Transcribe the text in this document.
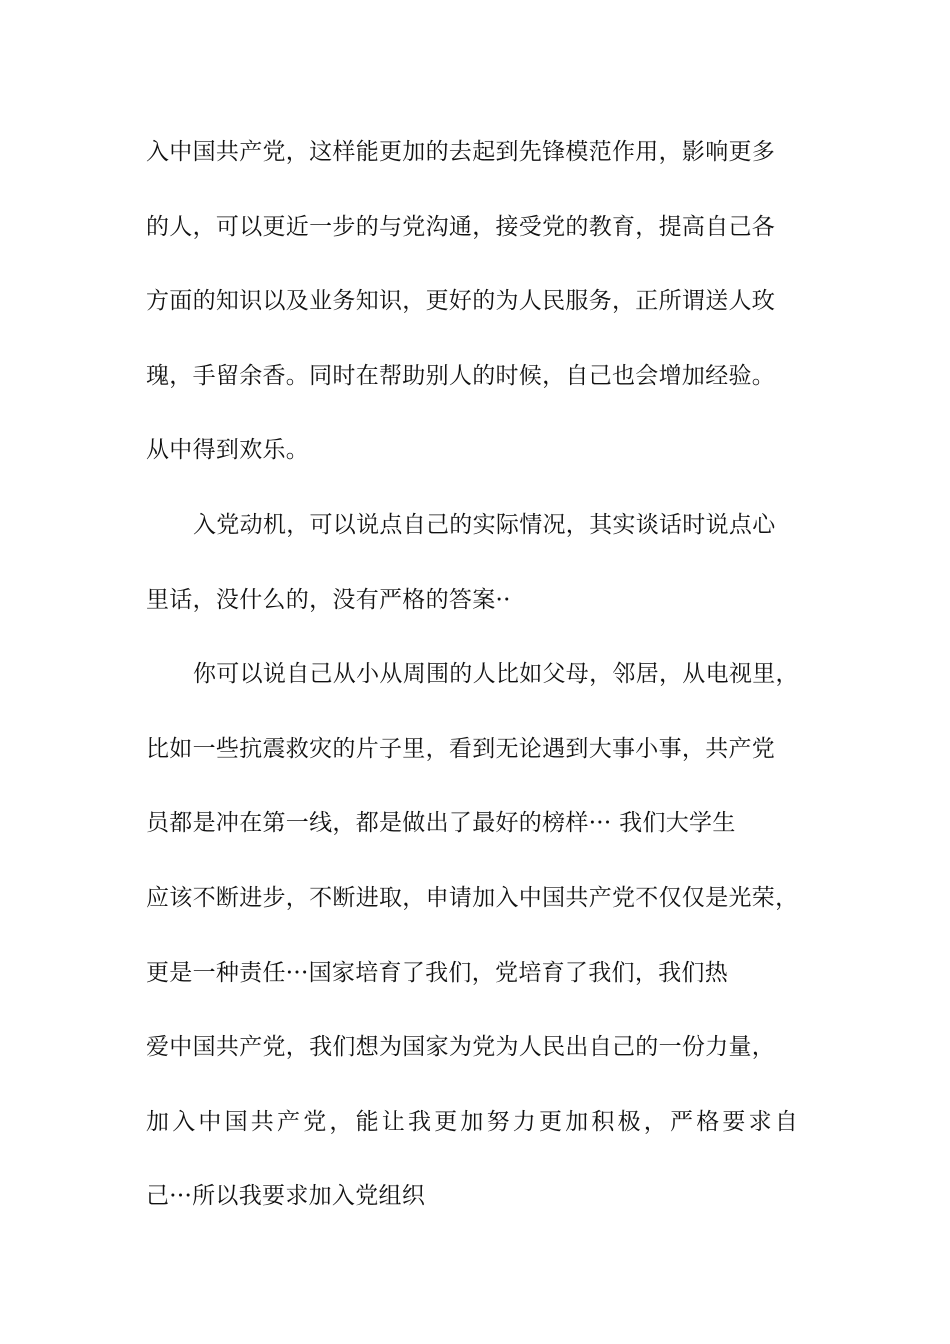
入中国共产党，这样能更加的去起到先锋模范作用，影响更多
的人，可以更近一步的与党沟通，接受党的教育，提高自己各
方面的知识以及业务知识，更好的为人民服务，正所谓送人玫
瑰，手留余香。同时在帮助别人的时候，自己也会增加经验。
从中得到欢乐。
入党动机，可以说点自己的实际情况，其实谈话时说点心
里话，没什么的，没有严格的答案··
你可以说自己从小从周围的人比如父母，邻居，从电视里，
比如一些抗震救灾的片子里，看到无论遇到大事小事，共产党
员都是冲在第一线，都是做出了最好的榜样··· 我们大学生
应该不断进步，不断进取，申请加入中国共产党不仅仅是光荣，
更是一种责任···国家培育了我们，党培育了我们，我们热
爱中国共产党，我们想为国家为党为人民出自己的一份力量，
加入中国共产党，能让我更加努力更加积极，严格要求自
己···所以我要求加入党组织
